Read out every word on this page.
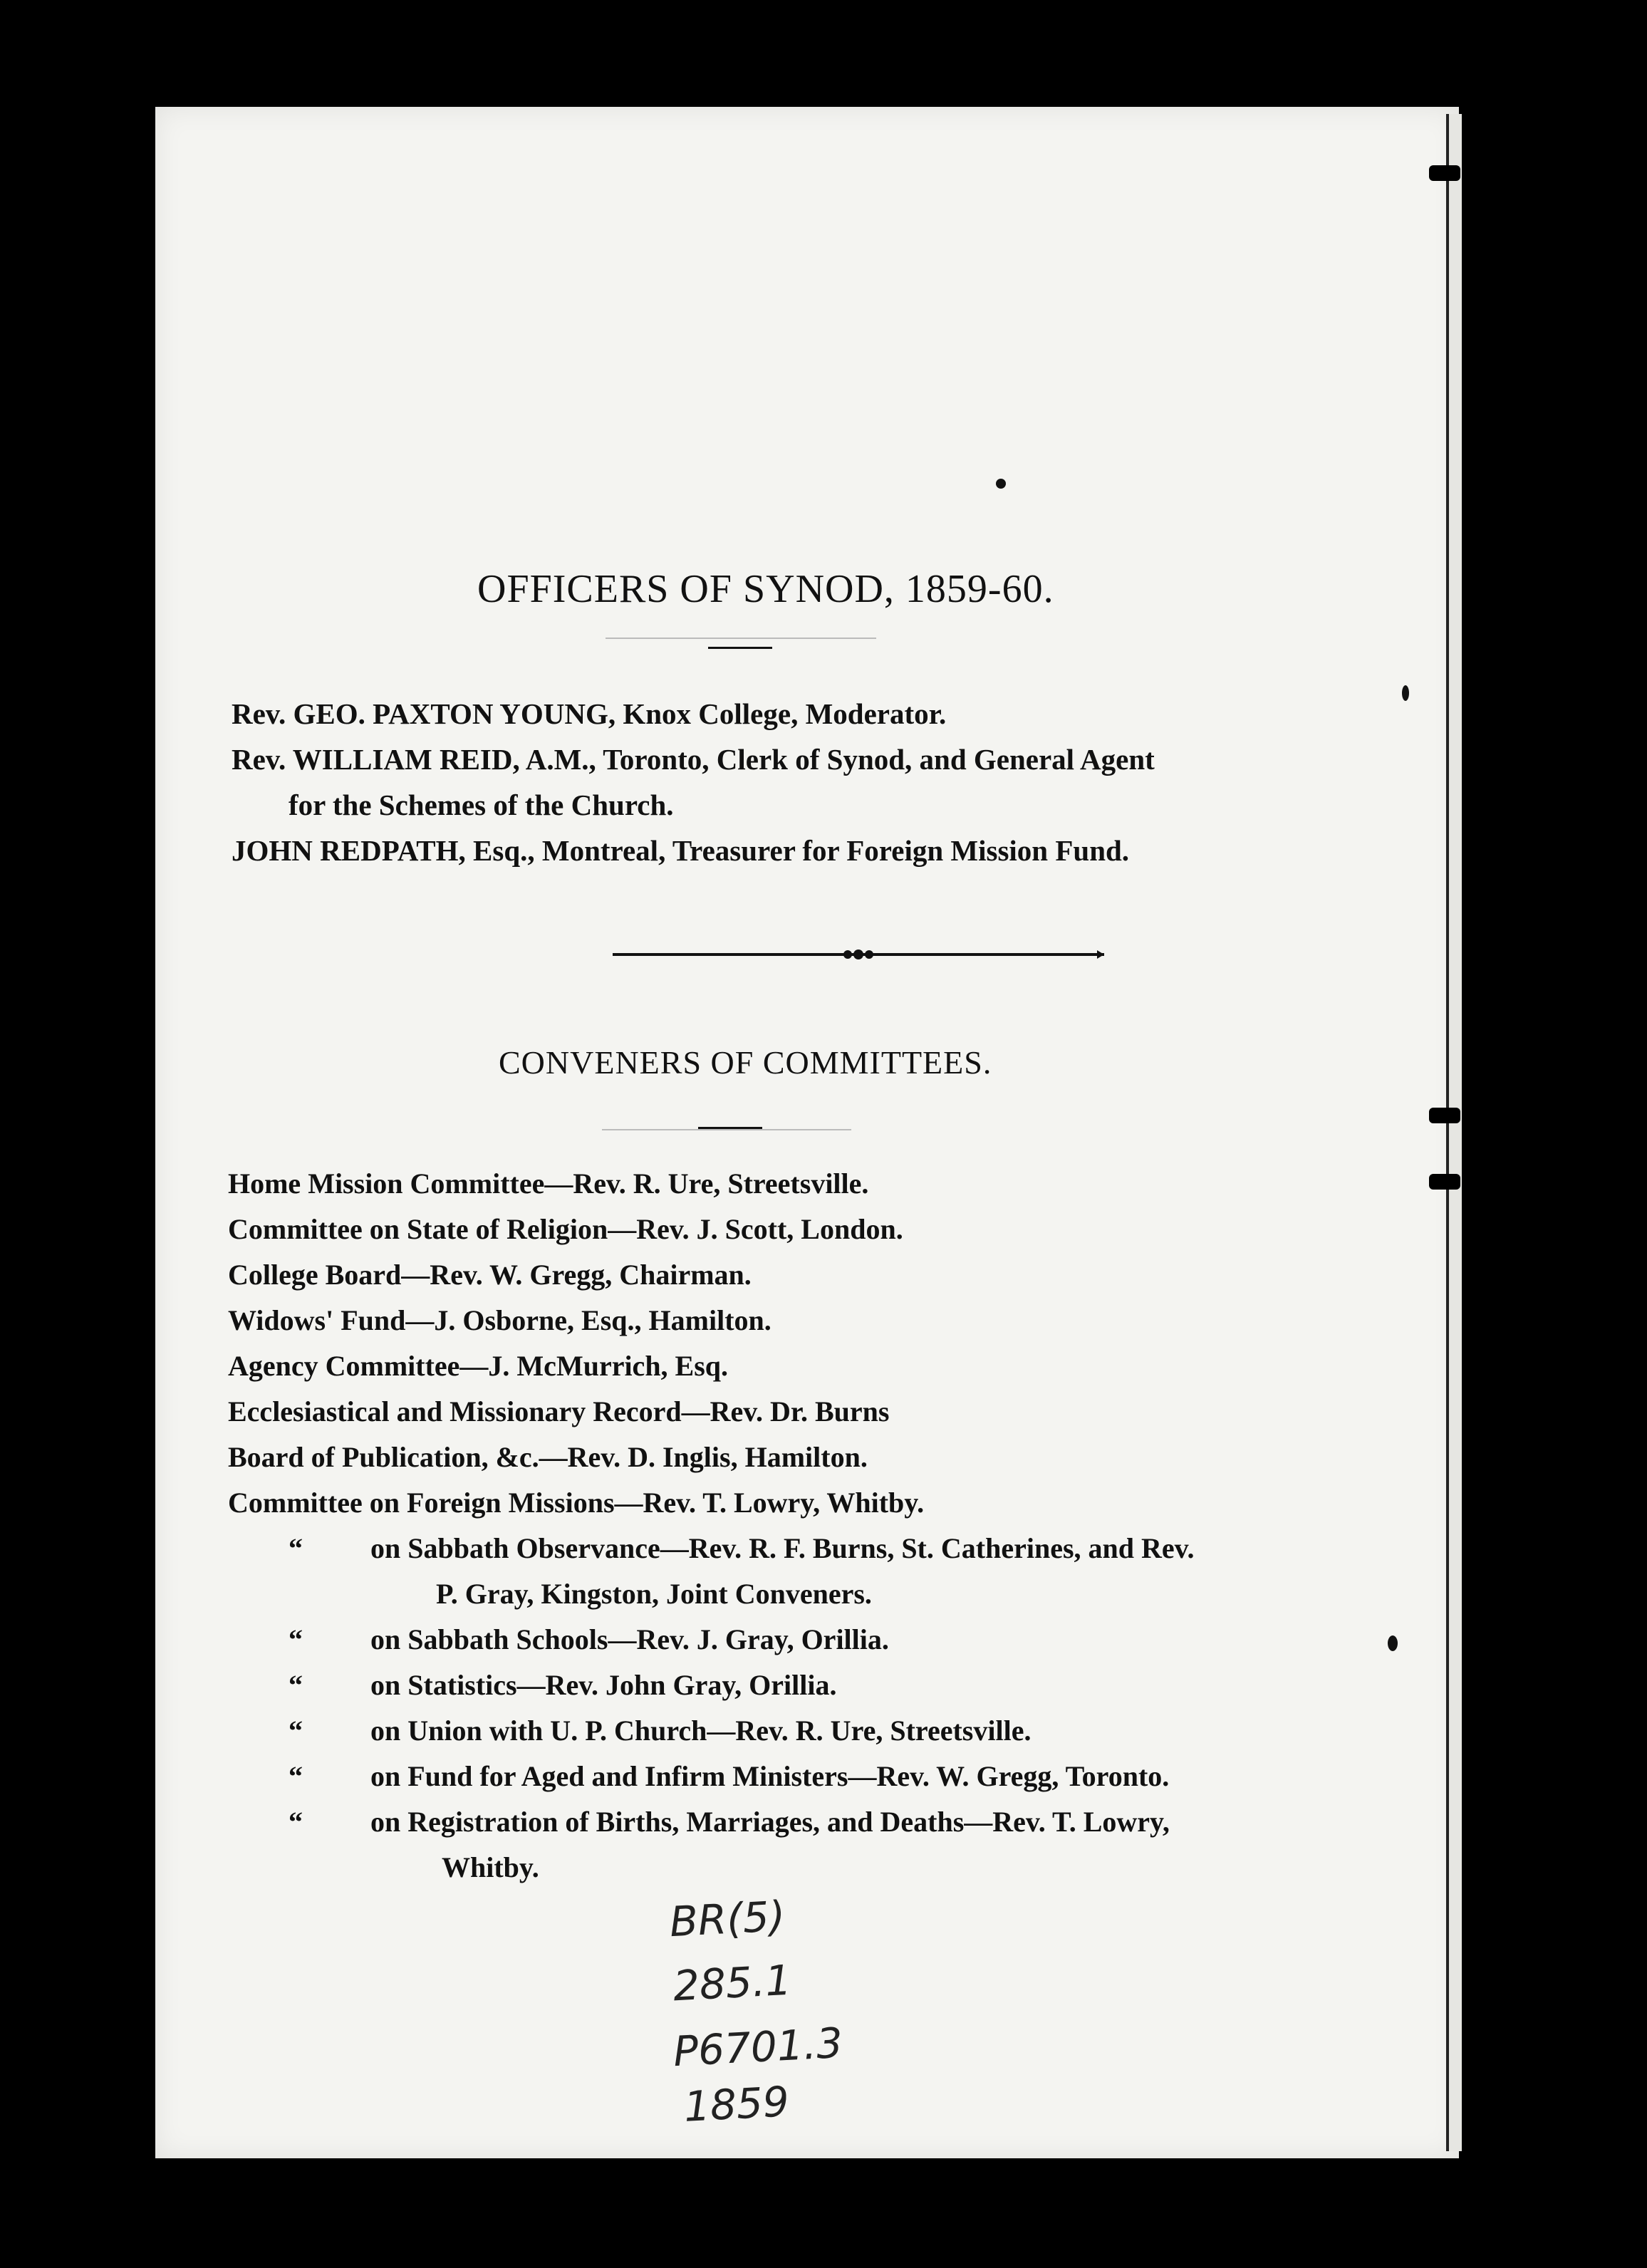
OFFICERS OF SYNOD, 1859-60.
Rev. GEO. PAXTON YOUNG, Knox College, Moderator.
Rev. WILLIAM REID, A.M., Toronto, Clerk of Synod, and General Agent
for the Schemes of the Church.
JOHN REDPATH, Esq., Montreal, Treasurer for Foreign Mission Fund.
CONVENERS OF COMMITTEES.
Home Mission Committee—Rev. R. Ure, Streetsville.
Committee on State of Religion—Rev. J. Scott, London.
College Board—Rev. W. Gregg, Chairman.
Widows' Fund—J. Osborne, Esq., Hamilton.
Agency Committee—J. McMurrich, Esq.
Ecclesiastical and Missionary Record—Rev. Dr. Burns
Board of Publication, &c.—Rev. D. Inglis, Hamilton.
Committee on Foreign Missions—Rev. T. Lowry, Whitby.
“ on Sabbath Observance—Rev. R. F. Burns, St. Catherines, and Rev.
P. Gray, Kingston, Joint Conveners.
“ on Sabbath Schools—Rev. J. Gray, Orillia.
“ on Statistics—Rev. John Gray, Orillia.
“ on Union with U. P. Church—Rev. R. Ure, Streetsville.
“ on Fund for Aged and Infirm Ministers—Rev. W. Gregg, Toronto.
“ on Registration of Births, Marriages, and Deaths—Rev. T. Lowry,
Whitby.
BR(5)
285.1
P6701.3
1859
